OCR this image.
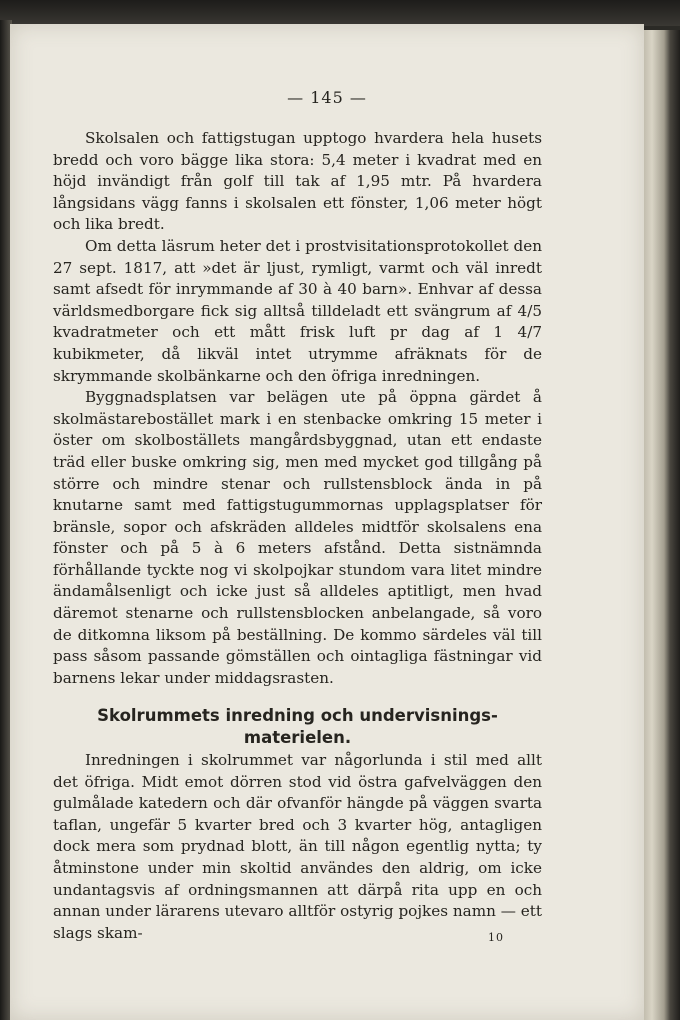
— 145 —

Skolsalen och fattigstugan upptogo hvardera hela husets bredd och voro bägge lika stora: 5,4 meter i kvadrat med en höjd invändigt från golf till tak af 1,95 mtr. På hvardera långsidans vägg fanns i skolsalen ett fönster, 1,06 meter högt och lika bredt.

Om detta läsrum heter det i prostvisitationsprotokollet den 27 sept. 1817, att »det är ljust, rymligt, varmt och väl inredt samt afsedt för inrymmande af 30 à 40 barn». Enhvar af dessa världsmedborgare fick sig alltså tilldeladt ett svängrum af 4/5 kvadratmeter och ett mått frisk luft pr dag af 1 4/7 kubikmeter, då likväl intet utrymme afräknats för de skrymmande skolbänkarne och den öfriga inredningen.

Byggnadsplatsen var belägen ute på öppna gärdet å skolmästarebostället mark i en stenbacke omkring 15 meter i öster om skolboställets mangårdsbyggnad, utan ett endaste träd eller buske omkring sig, men med mycket god tillgång på större och mindre stenar och rullstensblock ända in på knutarne samt med fattigstugummornas upplagsplatser för bränsle, sopor och afskräden alldeles midtför skolsalens ena fönster och på 5 à 6 meters afstånd. Detta sistnämnda förhållande tyckte nog vi skolpojkar stundom vara litet mindre ändamålsenligt och icke just så alldeles aptitligt, men hvad däremot stenarne och rullstensblocken anbelangade, så voro de ditkomna liksom på beställning. De kommo särdeles väl till pass såsom passande gömställen och ointagliga fästningar vid barnens lekar under middagsrasten.

Skolrummets inredning och undervisnings-materielen.

Inredningen i skolrummet var någorlunda i stil med allt det öfriga. Midt emot dörren stod vid östra gafvelväggen den gulmålade katedern och där ofvanför hängde på väggen svarta taflan, ungefär 5 kvarter bred och 3 kvarter hög, antagligen dock mera som prydnad blott, än till någon egentlig nytta; ty åtminstone under min skoltid användes den aldrig, om icke undantagsvis af ordningsmannen att därpå rita upp en och annan under lärarens utevaro alltför ostyrig pojkes namn — ett slags skam-	10
